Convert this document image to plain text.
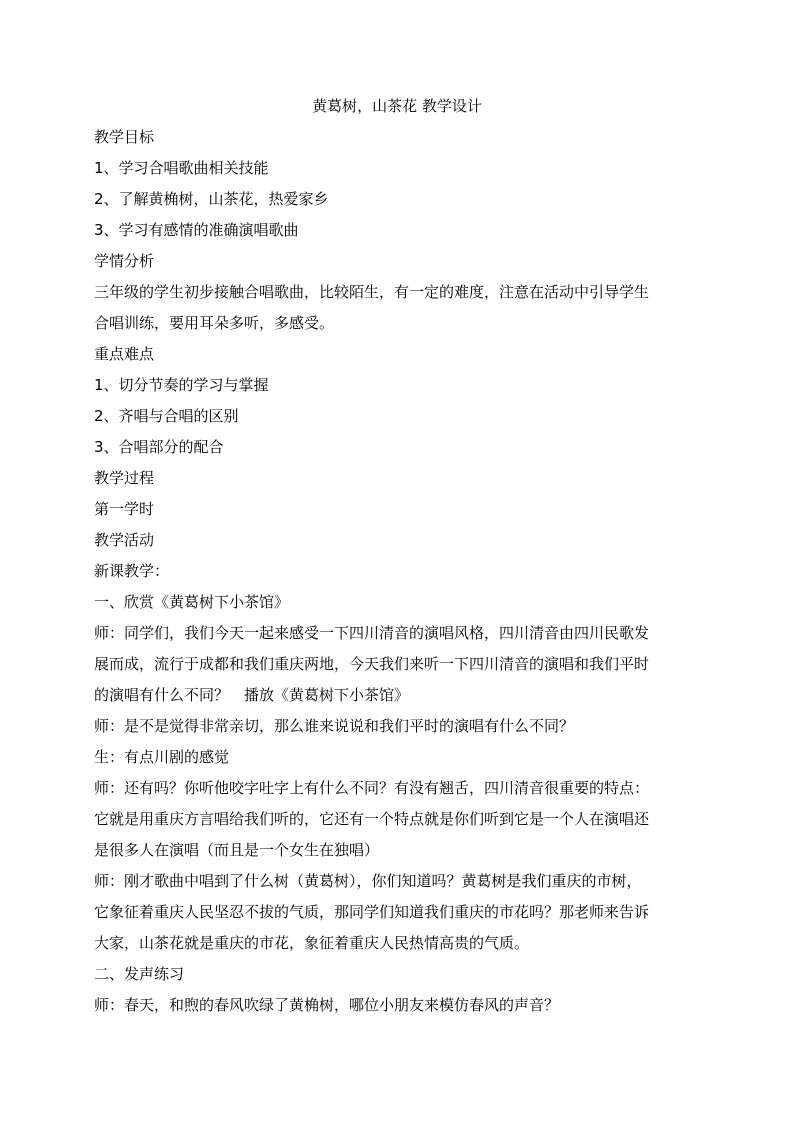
黄葛树，山茶花 教学设计
教学目标
1、学习合唱歌曲相关技能
2、了解黄桷树，山茶花，热爱家乡
3、学习有感情的准确演唱歌曲
学情分析
三年级的学生初步接触合唱歌曲，比较陌生，有一定的难度，注意在活动中引导学生
合唱训练，要用耳朵多听，多感受。
重点难点
1、切分节奏的学习与掌握
2、齐唱与合唱的区别
3、合唱部分的配合
教学过程
第一学时
教学活动
新课教学：
一、欣赏《黄葛树下小茶馆》
师：同学们，我们今天一起来感受一下四川清音的演唱风格，四川清音由四川民歌发
展而成，流行于成都和我们重庆两地，今天我们来听一下四川清音的演唱和我们平时
的演唱有什么不同？　播放《黄葛树下小茶馆》
师：是不是觉得非常亲切，那么谁来说说和我们平时的演唱有什么不同？
生：有点川剧的感觉
师：还有吗？你听他咬字吐字上有什么不同？有没有翘舌，四川清音很重要的特点：
它就是用重庆方言唱给我们听的，它还有一个特点就是你们听到它是一个人在演唱还
是很多人在演唱（而且是一个女生在独唱）
师：刚才歌曲中唱到了什么树（黄葛树），你们知道吗？黄葛树是我们重庆的市树，
它象征着重庆人民坚忍不拔的气质，那同学们知道我们重庆的市花吗？那老师来告诉
大家，山茶花就是重庆的市花，象征着重庆人民热情高贵的气质。
二、发声练习
师：春天，和煦的春风吹绿了黄桷树，哪位小朋友来模仿春风的声音？
